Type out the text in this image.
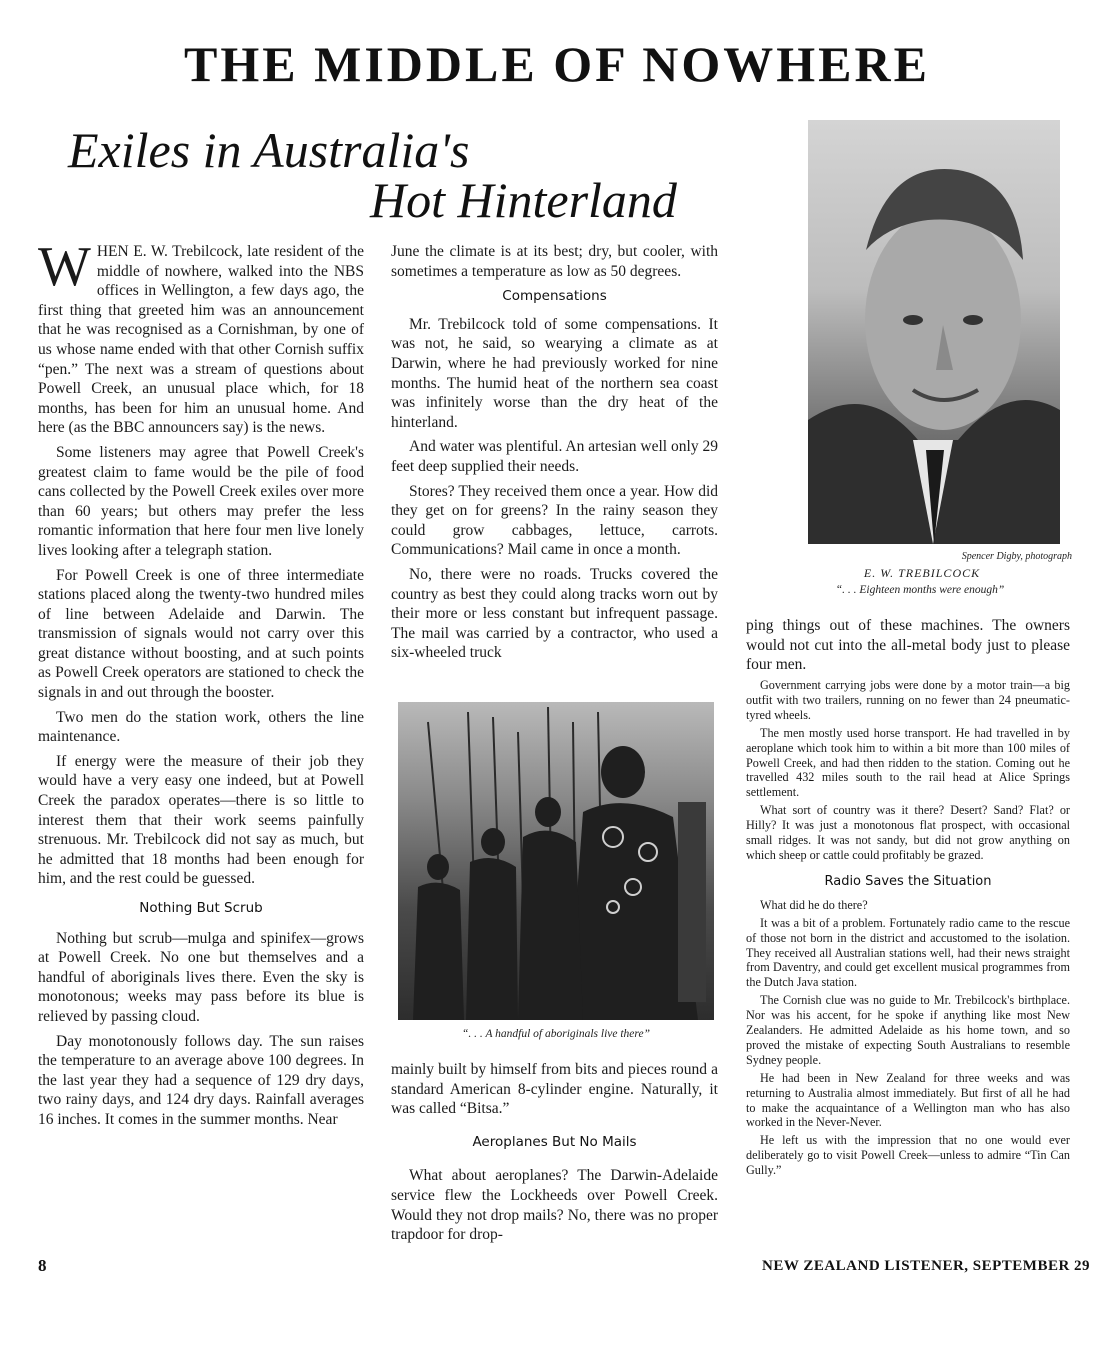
THE MIDDLE OF NOWHERE
Exiles in Australia's
Hot Hinterland

WHEN E. W. Trebilcock, late resident of the middle of nowhere, walked into the NBS offices in Wellington, a few days ago, the first thing that greeted him was an announcement that he was recognised as a Cornishman, by one of us whose name ended with that other Cornish suffix “pen.” The next was a stream of questions about Powell Creek, an unusual place which, for 18 months, has been for him an unusual home. And here (as the BBC announcers say) is the news.

Some listeners may agree that Powell Creek's greatest claim to fame would be the pile of food cans collected by the Powell Creek exiles over more than 60 years; but others may prefer the less romantic information that here four men live lonely lives looking after a telegraph station.

For Powell Creek is one of three intermediate stations placed along the twenty-two hundred miles of line between Adelaide and Darwin. The transmission of signals would not carry over this great distance without boosting, and at such points as Powell Creek operators are stationed to check the signals in and out through the booster.

Two men do the station work, others the line maintenance.

If energy were the measure of their job they would have a very easy one indeed, but at Powell Creek the paradox operates—there is so little to interest them that their work seems painfully strenuous. Mr. Trebilcock did not say as much, but he admitted that 18 months had been enough for him, and the rest could be guessed.

Nothing But Scrub

Nothing but scrub—mulga and spinifex—grows at Powell Creek. No one but themselves and a handful of aboriginals lives there. Even the sky is monotonous; weeks may pass before its blue is relieved by passing cloud.

Day monotonously follows day. The sun raises the temperature to an average above 100 degrees. In the last year they had a sequence of 129 dry days, two rainy days, and 124 dry days. Rainfall averages 16 inches. It comes in the summer months. Near

June the climate is at its best; dry, but cooler, with sometimes a temperature as low as 50 degrees.

Compensations

Mr. Trebilcock told of some compensations. It was not, he said, so wearying a climate as at Darwin, where he had previously worked for nine months. The humid heat of the northern sea coast was infinitely worse than the dry heat of the hinterland.

And water was plentiful. An artesian well only 29 feet deep supplied their needs.

Stores? They received them once a year. How did they get on for greens? In the rainy season they could grow cabbages, lettuce, carrots. Communications? Mail came in once a month.

No, there were no roads. Trucks covered the country as best they could along tracks worn out by their more or less constant but infrequent passage. The mail was carried by a contractor, who used a six-wheeled truck

“. . . A handful of aboriginals live there”

mainly built by himself from bits and pieces round a standard American 8-cylinder engine. Naturally, it was called “Bitsa.”

Aeroplanes But No Mails

What about aeroplanes? The Darwin-Adelaide service flew the Lockheeds over Powell Creek. Would they not drop mails? No, there was no proper trapdoor for drop-

Spencer Digby, photograph
E. W. TREBILCOCK
“. . . Eighteen months were enough”

ping things out of these machines. The owners would not cut into the all-metal body just to please four men.

Government carrying jobs were done by a motor train—a big outfit with two trailers, running on no fewer than 24 pneumatic-tyred wheels.

The men mostly used horse transport. He had travelled in by aeroplane which took him to within a bit more than 100 miles of Powell Creek, and had then ridden to the station. Coming out he travelled 432 miles south to the rail head at Alice Springs settlement.

What sort of country was it there? Desert? Sand? Flat? or Hilly? It was just a monotonous flat prospect, with occasional small ridges. It was not sandy, but did not grow anything on which sheep or cattle could profitably be grazed.

Radio Saves the Situation

What did he do there?

It was a bit of a problem. Fortunately radio came to the rescue of those not born in the district and accustomed to the isolation. They received all Australian stations well, had their news straight from Daventry, and could get excellent musical programmes from the Dutch Java station.

The Cornish clue was no guide to Mr. Trebilcock's birthplace. Nor was his accent, for he spoke if anything like most New Zealanders. He admitted Adelaide as his home town, and so proved the mistake of expecting South Australians to resemble Sydney people.

He had been in New Zealand for three weeks and was returning to Australia almost immediately. But first of all he had to make the acquaintance of a Wellington man who has also worked in the Never-Never.

He left us with the impression that no one would ever deliberately go to visit Powell Creek—unless to admire “Tin Can Gully.”

8	NEW ZEALAND LISTENER, SEPTEMBER 29
